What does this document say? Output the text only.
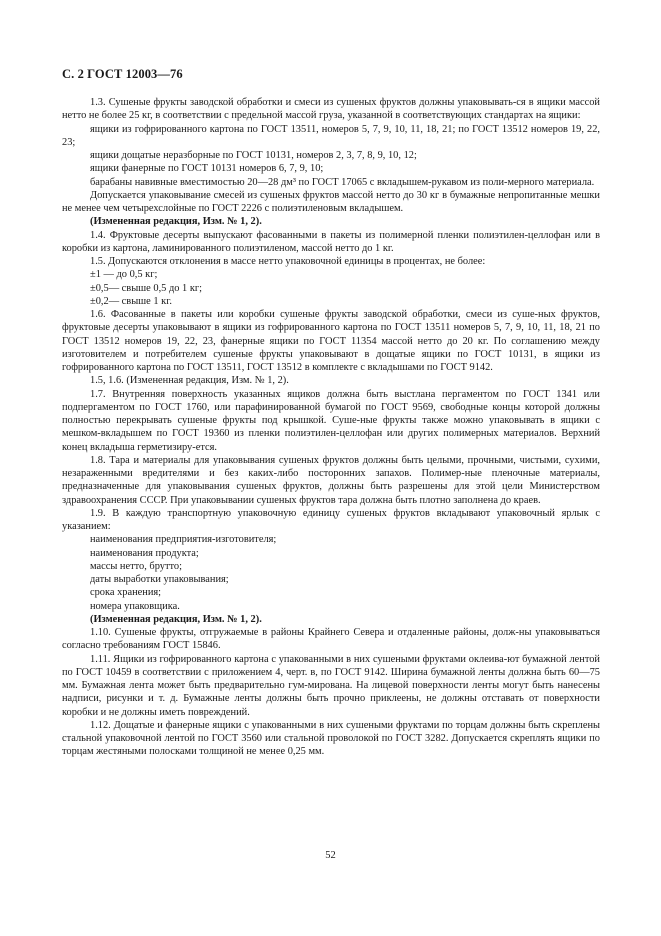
С. 2 ГОСТ 12003—76

1.3. Сушеные фрукты заводской обработки и смеси из сушеных фруктов должны упаковывать-ся в ящики массой нетто не более 25 кг, в соответствии с предельной массой груза, указанной в соответствующих стандартах на ящики:

ящики из гофрированного картона по ГОСТ 13511, номеров 5, 7, 9, 10, 11, 18, 21; по ГОСТ 13512 номеров 19, 22, 23;

ящики дощатые неразборные по ГОСТ 10131, номеров 2, 3, 7, 8, 9, 10, 12;

ящики фанерные по ГОСТ 10131 номеров 6, 7, 9, 10;

барабаны навивные вместимостью 20—28 дм³ по ГОСТ 17065 с вкладышем-рукавом из поли-мерного материала.

Допускается упаковывание смесей из сушеных фруктов массой нетто до 30 кг в бумажные непропитанные мешки не менее чем четырехслойные по ГОСТ 2226 с полиэтиленовым вкладышем.

(Измененная редакция, Изм. № 1, 2).

1.4. Фруктовые десерты выпускают фасованными в пакеты из полимерной пленки полиэтилен-целлофан или в коробки из картона, ламинированного полиэтиленом, массой нетто до 1 кг.

1.5. Допускаются отклонения в массе нетто упаковочной единицы в процентах, не более:

±1 — до 0,5 кг;

±0,5— свыше 0,5 до 1 кг;

±0,2— свыше 1 кг.

1.6. Фасованные в пакеты или коробки сушеные фрукты заводской обработки, смеси из суше-ных фруктов, фруктовые десерты упаковывают в ящики из гофрированного картона по ГОСТ 13511 номеров 5, 7, 9, 10, 11, 18, 21 по ГОСТ 13512 номеров 19, 22, 23, фанерные ящики по ГОСТ 11354 массой нетто до 20 кг. По соглашению между изготовителем и потребителем сушеные фрукты упаковывают в дощатые ящики по ГОСТ 10131, в ящики из гофрированного картона по ГОСТ 13511, ГОСТ 13512 в комплекте с вкладышами по ГОСТ 9142.

1.5, 1.6. (Измененная редакция, Изм. № 1, 2).

1.7. Внутренняя поверхность указанных ящиков должна быть выстлана пергаментом по ГОСТ 1341 или подпергаментом по ГОСТ 1760, или парафинированной бумагой по ГОСТ 9569, свободные концы которой должны полностью перекрывать сушеные фрукты под крышкой. Суше-ные фрукты также можно упаковывать в ящики с мешком-вкладышем по ГОСТ 19360 из пленки полиэтилен-целлофан или других полимерных материалов. Верхний конец вкладыша герметизиру-ется.

1.8. Тара и материалы для упаковывания сушеных фруктов должны быть целыми, прочными, чистыми, сухими, незараженными вредителями и без каких-либо посторонних запахов. Полимер-ные пленочные материалы, предназначенные для упаковывания сушеных фруктов, должны быть разрешены для этой цели Министерством здравоохранения СССР. При упаковывании сушеных фруктов тара должна быть плотно заполнена до краев.

1.9. В каждую транспортную упаковочную единицу сушеных фруктов вкладывают упаковочный ярлык с указанием:

наименования предприятия-изготовителя;

наименования продукта;

массы нетто, брутто;

даты выработки упаковывания;

срока хранения;

номера упаковщика.

(Измененная редакция, Изм. № 1, 2).

1.10. Сушеные фрукты, отгружаемые в районы Крайнего Севера и отдаленные районы, долж-ны упаковываться согласно требованиям ГОСТ 15846.

1.11. Ящики из гофрированного картона с упакованными в них сушеными фруктами оклеива-ют бумажной лентой по ГОСТ 10459 в соответствии с приложением 4, черт. в, по ГОСТ 9142. Ширина бумажной ленты должна быть 60—75 мм. Бумажная лента может быть предварительно гум-мирована. На лицевой поверхности ленты могут быть нанесены надписи, рисунки и т. д. Бумажные ленты должны быть прочно приклеены, не должны отставать от поверхности коробки и не должны иметь повреждений.

1.12. Дощатые и фанерные ящики с упакованными в них сушеными фруктами по торцам должны быть скреплены стальной упаковочной лентой по ГОСТ 3560 или стальной проволокой по ГОСТ 3282. Допускается скреплять ящики по торцам жестяными полосками толщиной не менее 0,25 мм.

52
